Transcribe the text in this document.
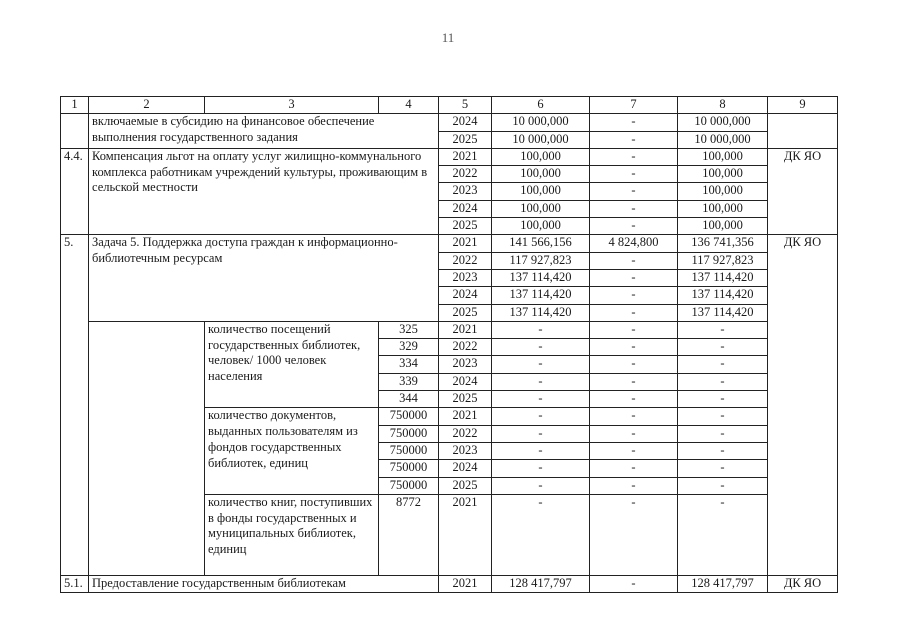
11
1	2	3	4	5	6	7	8	9
	включаемые в субсидию на финансовое обеспечение выполнения государственного задания			2024	10 000,000	-	10 000,000	
				2025	10 000,000	-	10 000,000	
4.4.	Компенсация льгот на оплату услуг жилищно-коммунального комплекса работникам учреждений культуры, проживающим в сельской местности			2021	100,000	-	100,000	ДК ЯО
				2022	100,000	-	100,000	
				2023	100,000	-	100,000	
				2024	100,000	-	100,000	
				2025	100,000	-	100,000	
5.	Задача 5. Поддержка доступа граждан к информационно-библиотечным ресурсам			2021	141 566,156	4 824,800	136 741,356	ДК ЯО
				2022	117 927,823	-	117 927,823	
				2023	137 114,420	-	137 114,420	
				2024	137 114,420	-	137 114,420	
				2025	137 114,420	-	137 114,420	
		количество посещений государственных библиотек, человек/ 1000 человек населения	325	2021	-	-	-	
			329	2022	-	-	-	
			334	2023	-	-	-	
			339	2024	-	-	-	
			344	2025	-	-	-	
		количество документов, выданных пользователям из фондов государственных библиотек, единиц	750000	2021	-	-	-	
			750000	2022	-	-	-	
			750000	2023	-	-	-	
			750000	2024	-	-	-	
			750000	2025	-	-	-	
		количество книг, поступивших в фонды государственных и муниципальных библиотек, единиц	8772	2021	-	-	-	
5.1.	Предоставление государственным библиотекам			2021	128 417,797	-	128 417,797	ДК ЯО
